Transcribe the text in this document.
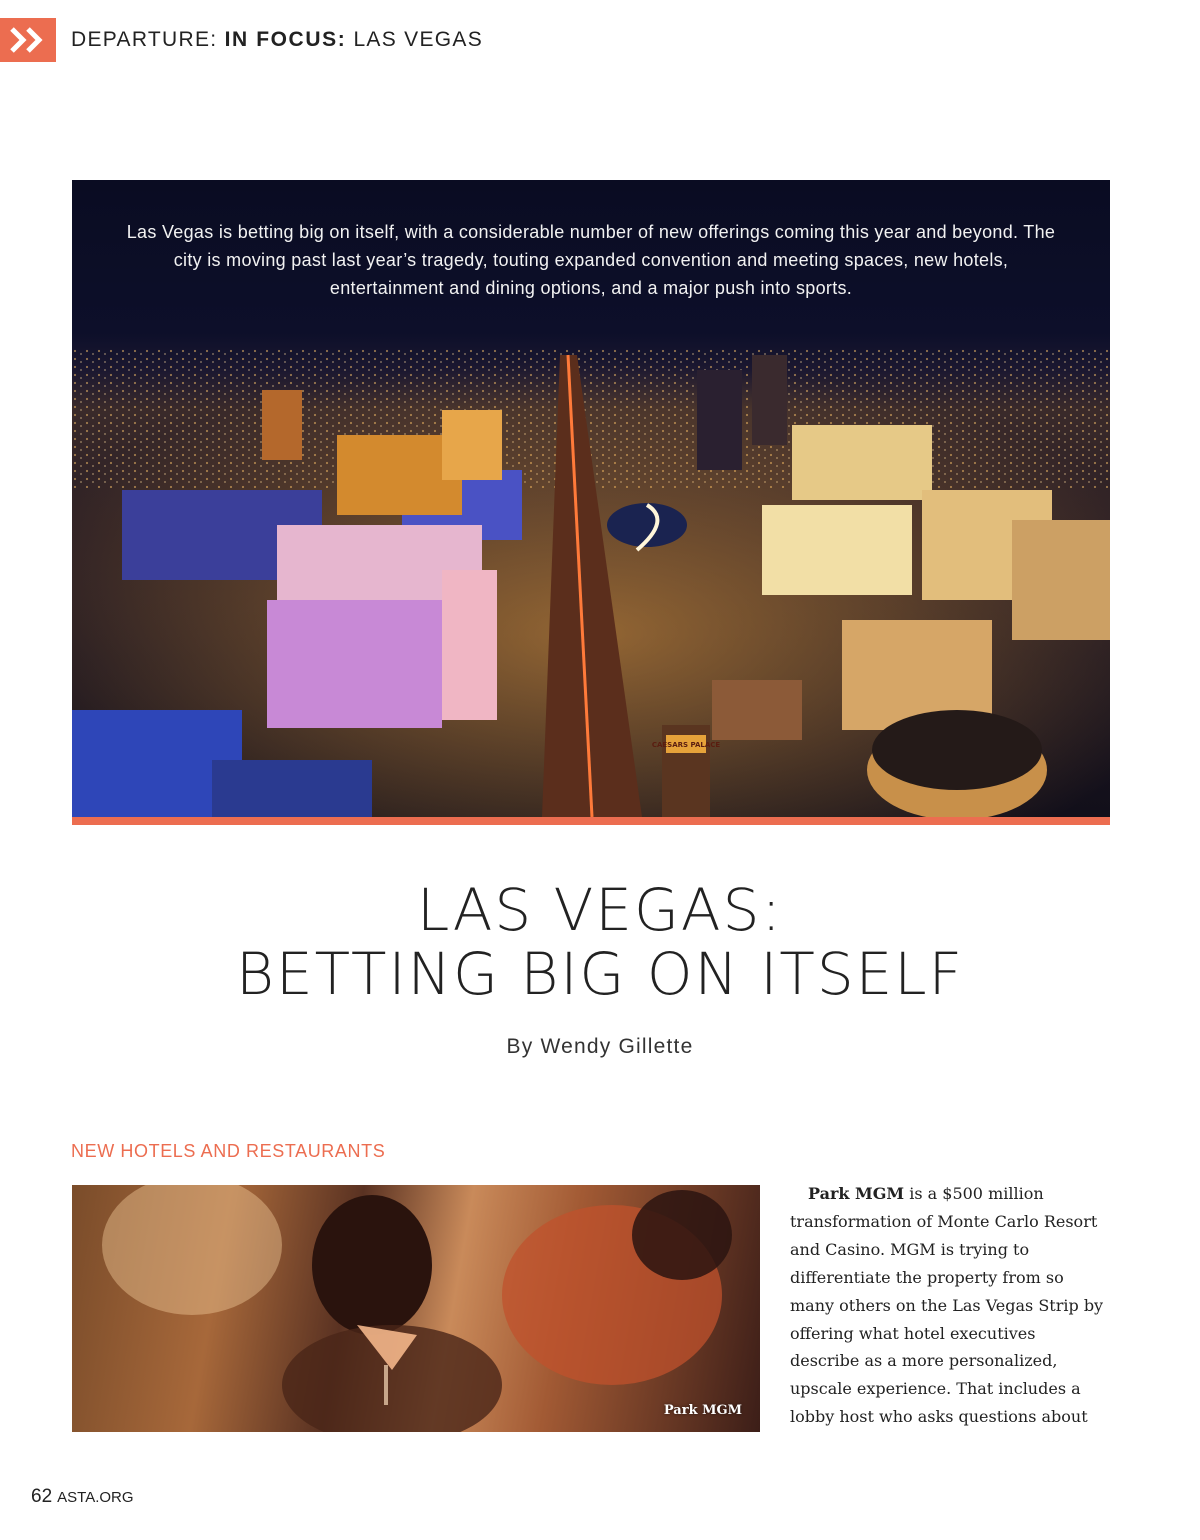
DEPARTURE: IN FOCUS: LAS VEGAS
CAESARS PALACE
Las Vegas is betting big on itself, with a considerable number of new offerings coming this year and beyond. The city is moving past last year’s tragedy, touting expanded convention and meeting spaces, new hotels, entertainment and dining options, and a major push into sports.
LAS VEGAS:
BETTING BIG ON ITSELF
By Wendy Gillette
NEW HOTELS AND RESTAURANTS
Park MGM
Park MGM is a $500 million transformation of Monte Carlo Resort and Casino. MGM is trying to differentiate the property from so many others on the Las Vegas Strip by offering what hotel executives describe as a more personalized, upscale experience. That includes a lobby host who asks questions about
62 ASTA.ORG
